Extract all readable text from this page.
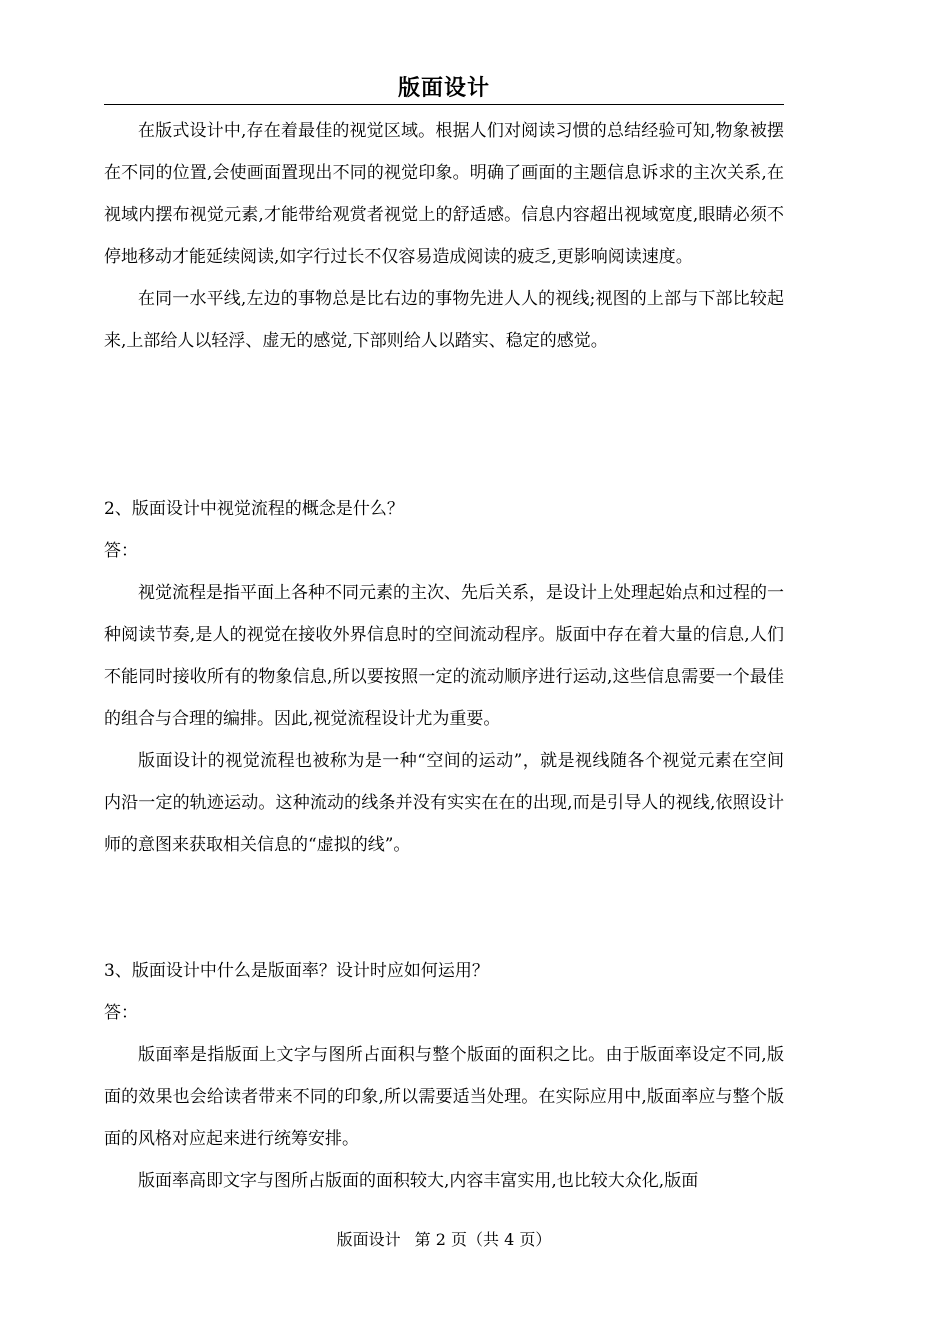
版面设计

在版式设计中,存在着最佳的视觉区域。根据人们对阅读习惯的总结经验可知,物象被摆在不同的位置,会使画面置现出不同的视觉印象。明确了画面的主题信息诉求的主次关系,在视域内摆布视觉元素,才能带给观赏者视觉上的舒适感。信息内容超出视域宽度,眼睛必须不停地移动才能延续阅读,如字行过长不仅容易造成阅读的疲乏,更影响阅读速度。

在同一水平线,左边的事物总是比右边的事物先进人人的视线;视图的上部与下部比较起来,上部给人以轻浮、虚无的感觉,下部则给人以踏实、稳定的感觉。

2、版面设计中视觉流程的概念是什么？

答：

视觉流程是指平面上各种不同元素的主次、先后关系，是设计上处理起始点和过程的一种阅读节奏,是人的视觉在接收外界信息时的空间流动程序。版面中存在着大量的信息,人们不能同时接收所有的物象信息,所以要按照一定的流动顺序进行运动,这些信息需要一个最佳的组合与合理的编排。因此,视觉流程设计尤为重要。

版面设计的视觉流程也被称为是一种“空间的运动”，就是视线随各个视觉元素在空间内沿一定的轨迹运动。这种流动的线条并没有实实在在的出现,而是引导人的视线,依照设计师的意图来获取相关信息的“虚拟的线”。

3、版面设计中什么是版面率？设计时应如何运用？

答：

版面率是指版面上文字与图所占面积与整个版面的面积之比。由于版面率设定不同,版面的效果也会给读者带来不同的印象,所以需要适当处理。在实际应用中,版面率应与整个版面的风格对应起来进行统筹安排。

版面率高即文字与图所占版面的面积较大,内容丰富实用,也比较大众化,版面

版面设计 第 2 页（共 4 页）
